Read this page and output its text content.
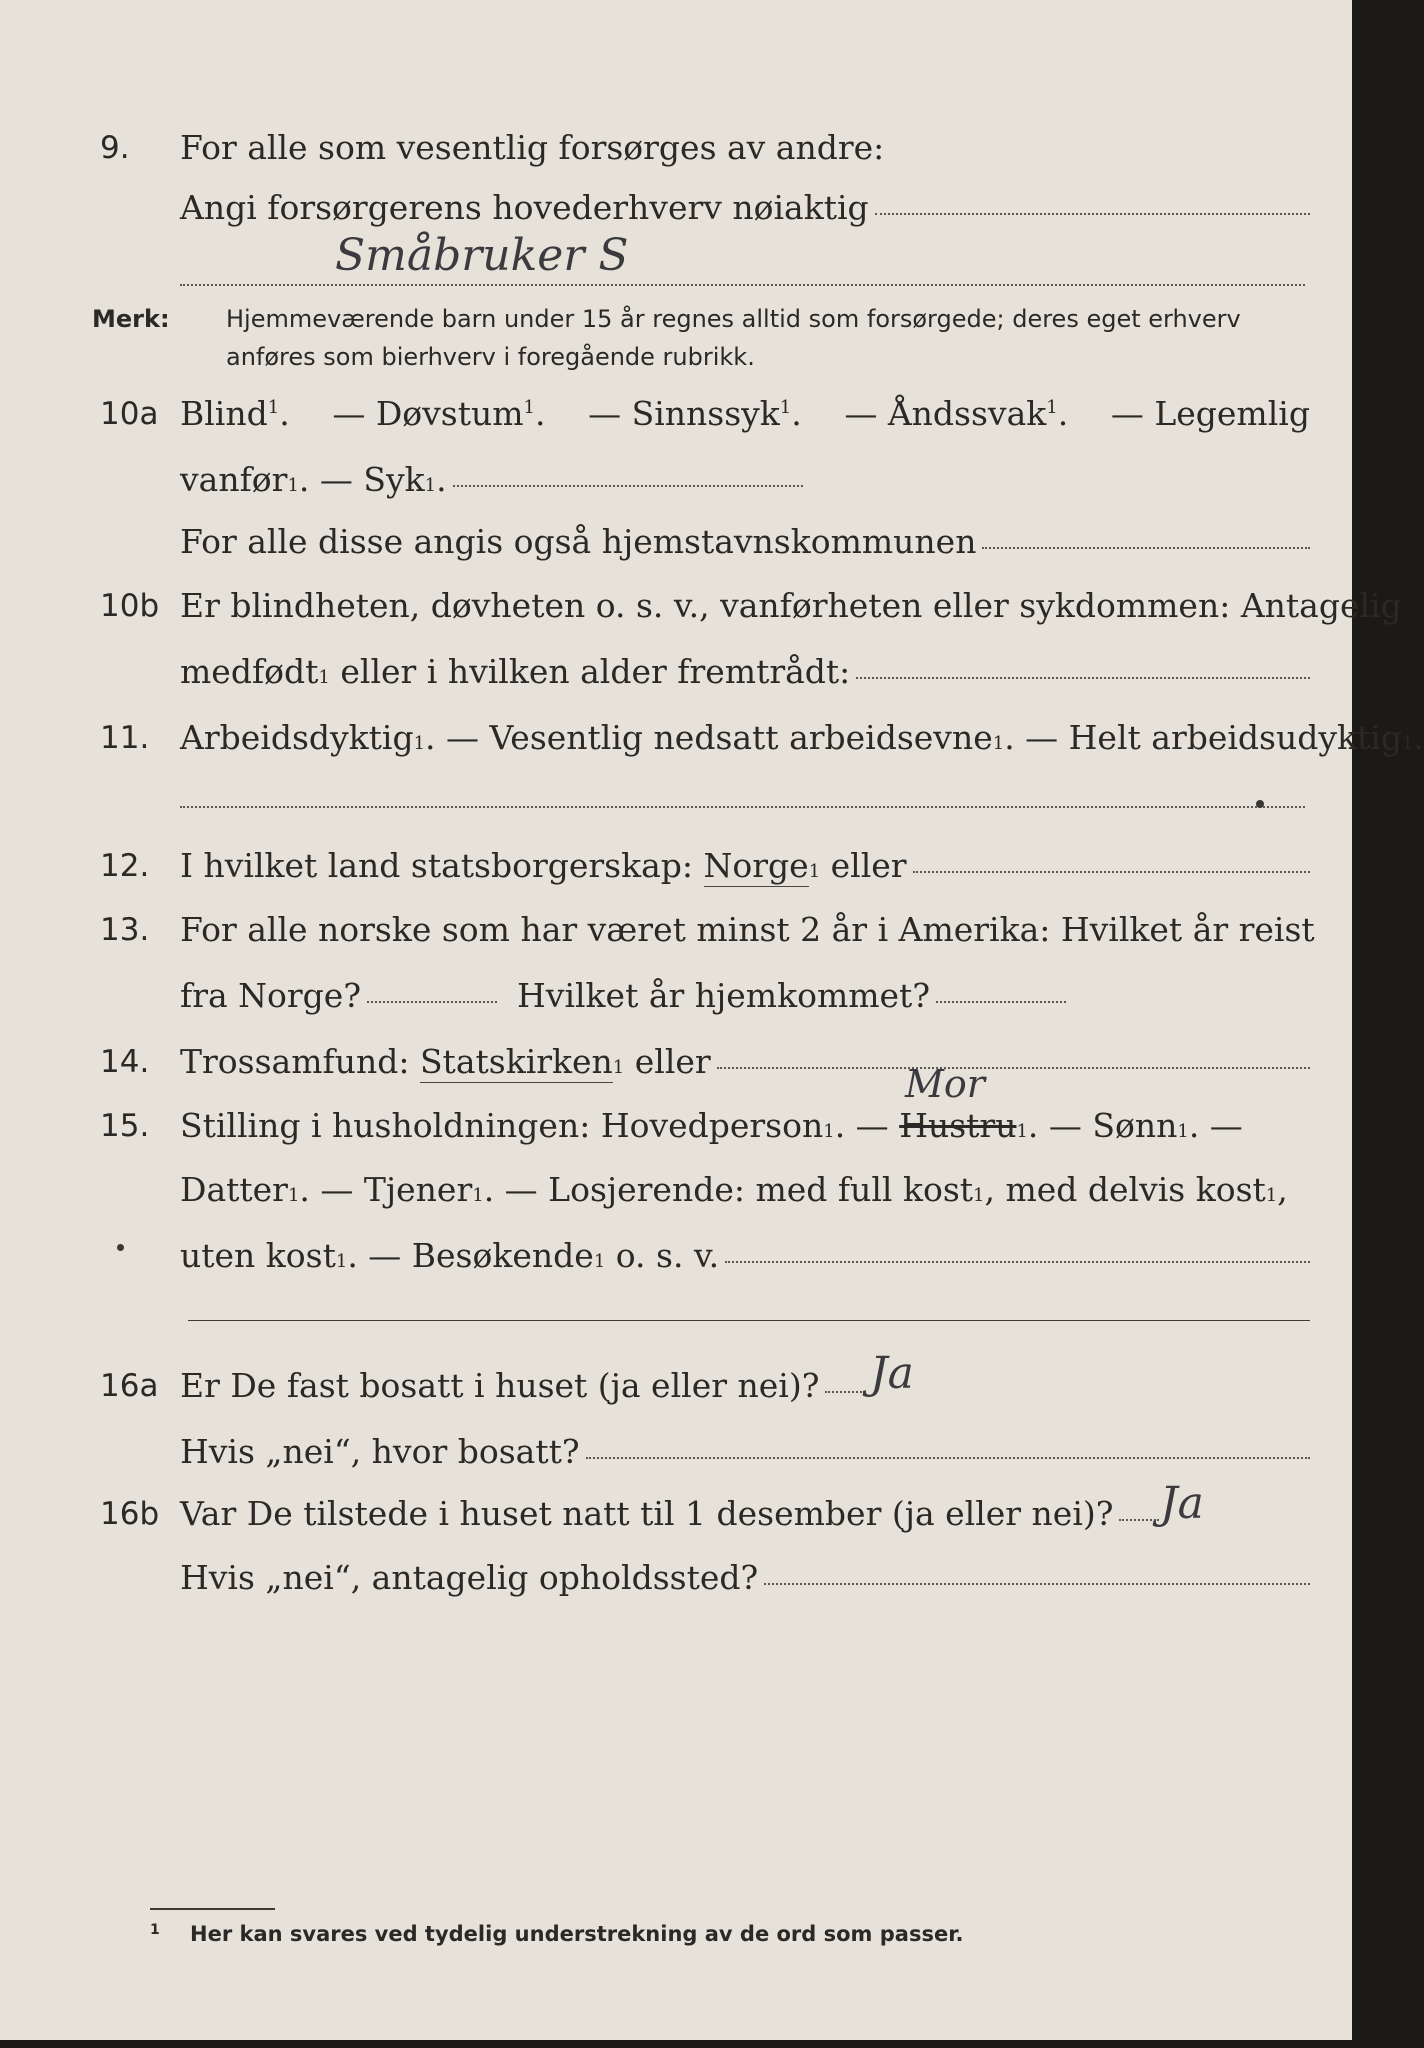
9.	For alle som vesentlig forsørges av andre:
Angi forsørgerens hovederhverv nøiaktig
Småbruker S
Merk: Hjemmeværende barn under 15 år regnes alltid som forsørgede; deres eget erhverv
anføres som bierhverv i foregående rubrikk.
10a Blind$^1$. — Døvstum$^1$. — Sinnssyk$^1$. — Åndssvak$^1$. — Legemlig
vanfør 1 . — Syk 1 .
For alle disse angis også hjemstavnskommunen
10b Er blindheten, døvheten o. s. v., vanførheten eller sykdommen: Antagelig
medfødt 1
eller i hvilken alder fremtrådt:
11. Arbeidsdyktig 1 . — Vesentlig nedsatt arbeidsevne 1 . — Helt arbeidsudyktig 1 .
12. I hvilket land statsborgerskap:
Norge 1
eller
13. For alle norske som har været minst 2 år i Amerika: Hvilket år reist
fra Norge?	Hvilket år hjemkommet?
14. Trossamfund:
Statskirken 1
eller
Mor
15. Stilling i husholdningen: Hovedperson 1 . —
Hustru 1 . — Sønn 1 . —
Datter 1 . — Tjener 1 . — Losjerende: med full kost 1 , med delvis kost 1 ,
uten kost 1 . — Besøkende 1
o. s. v.
16a Er De fast bosatt i huset (ja eller nei)?
Hvis „nei“, hvor bosatt?
Ja
16b Var De tilstede i huset natt til 1 desember (ja eller nei)?
Hvis „nei“, antagelig opholdssted?
Ja
1 Her kan svares ved tydelig understrekning av de ord som passer.
